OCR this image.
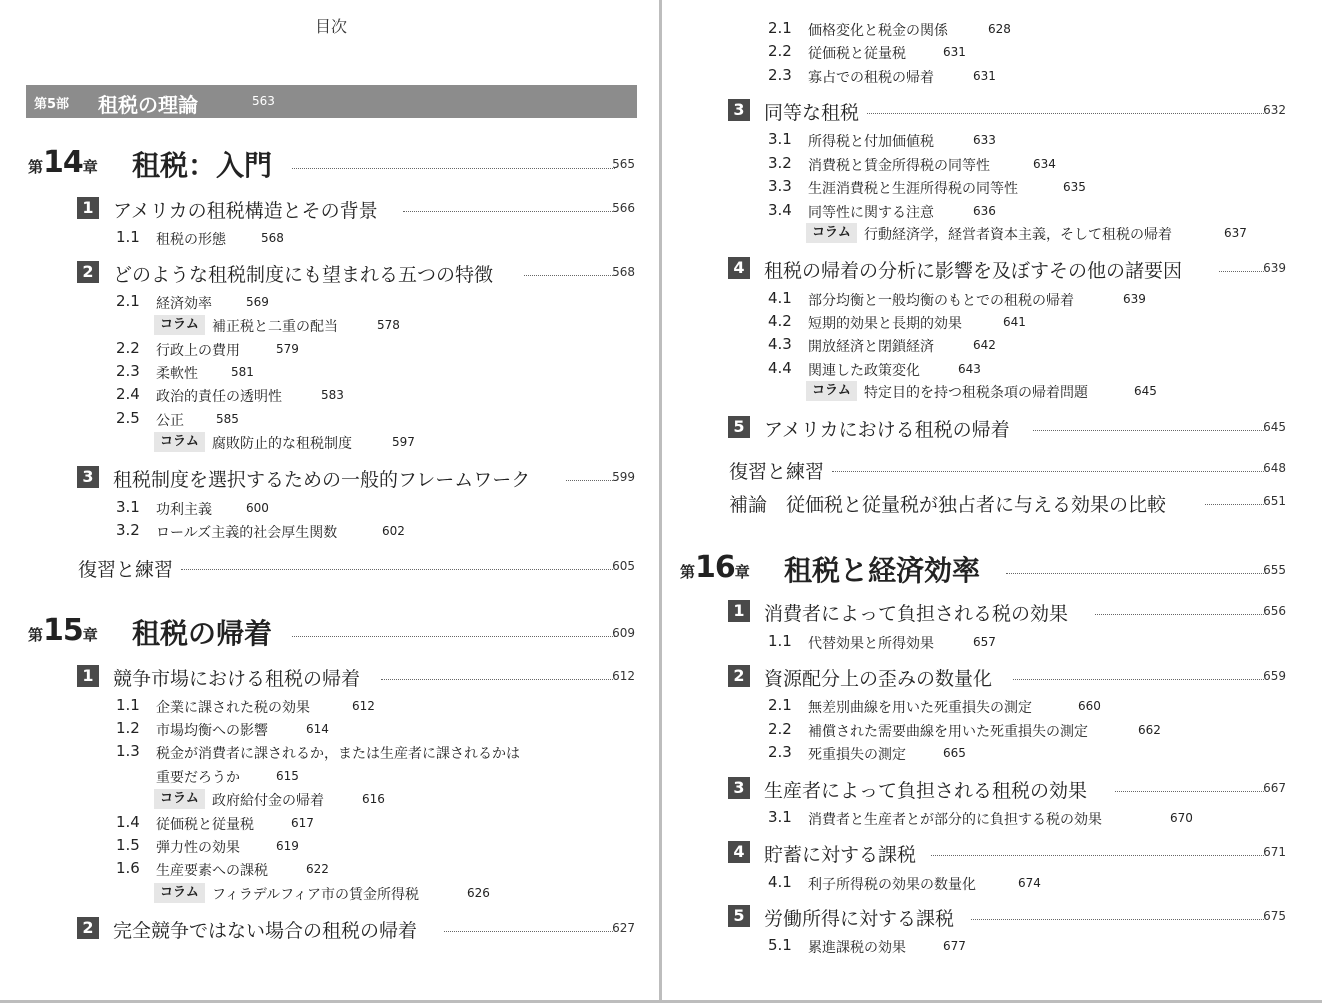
目次
第5部 租税の理論	563
第 14 章 租税：入門	565
1 アメリカの租税構造とその背景	566
1.1 租税の形態	568
2 どのような租税制度にも望まれる五つの特徴	568
2.1 経済効率	569
コラム 補正税と二重の配当	578
2.2 行政上の費用	579
2.3 柔軟性	581
2.4 政治的責任の透明性	583
2.5 公正	585
コラム 腐敗防止的な租税制度	597
3 租税制度を選択するための一般的フレームワーク	599
3.1 功利主義	600
3.2 ロールズ主義的社会厚生関数	602
復習と練習	605
第 15 章 租税の帰着	609
1 競争市場における租税の帰着	612
1.1 企業に課された税の効果	612
1.2 市場均衡への影響	614
1.3 税金が消費者に課されるか，または生産者に課されるかは
重要だろうか	615
コラム 政府給付金の帰着	616
1.4 従価税と従量税	617
1.5 弾力性の効果	619
1.6 生産要素への課税	622
コラム フィラデルフィア市の賃金所得税	626
2 完全競争ではない場合の租税の帰着	627
2.1 価格変化と税金の関係	628
2.2 従価税と従量税	631
2.3 寡占での租税の帰着	631
3 同等な租税	632
3.1 所得税と付加価値税	633
3.2 消費税と賃金所得税の同等性	634
3.3 生涯消費税と生涯所得税の同等性	635
3.4 同等性に関する注意	636
コラム 行動経済学，経営者資本主義，そして租税の帰着	637
4 租税の帰着の分析に影響を及ぼすその他の諸要因	639
4.1 部分均衡と一般均衡のもとでの租税の帰着	639
4.2 短期的効果と長期的効果	641
4.3 開放経済と閉鎖経済	642
4.4 関連した政策変化	643
コラム 特定目的を持つ租税条項の帰着問題	645
5 アメリカにおける租税の帰着	645
復習と練習	648
補論　従価税と従量税が独占者に与える効果の比較	651
第 16 章 租税と経済効率	655
1 消費者によって負担される税の効果	656
1.1 代替効果と所得効果	657
2 資源配分上の歪みの数量化	659
2.1 無差別曲線を用いた死重損失の測定	660
2.2 補償された需要曲線を用いた死重損失の測定	662
2.3 死重損失の測定	665
3 生産者によって負担される租税の効果	667
3.1 消費者と生産者とが部分的に負担する税の効果	670
4 貯蓄に対する課税	671
4.1 利子所得税の効果の数量化	674
5 労働所得に対する課税	675
5.1 累進課税の効果	677
